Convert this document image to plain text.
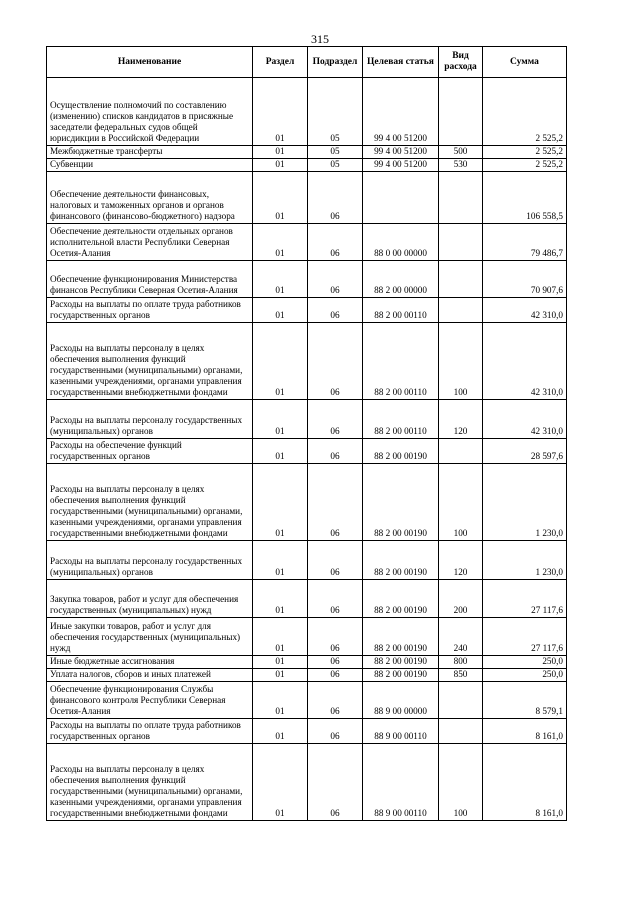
315
Наименование	Раздел	Подраздел	Целевая статья	Вид расхода	Сумма
Осуществление полномочий по составлению (изменению) списков кандидатов в присяжные заседатели федеральных судов общей юрисдикции в Российской Федерации	01	05	99 4 00 51200		2 525,2
Межбюджетные трансферты	01	05	99 4 00 51200	500	2 525,2
Субвенции	01	05	99 4 00 51200	530	2 525,2
Обеспечение деятельности финансовых, налоговых и таможенных органов и органов финансового (финансово-бюджетного) надзора	01	06			106 558,5
Обеспечение деятельности отдельных органов исполнительной власти Республики Северная Осетия-Алания	01	06	88 0 00 00000		79 486,7
Обеспечение функционирования Министерства финансов Республики Северная Осетия-Алания	01	06	88 2 00 00000		70 907,6
Расходы на выплаты по оплате труда работников государственных органов	01	06	88 2 00 00110		42 310,0
Расходы на выплаты персоналу в целях обеспечения выполнения функций государственными (муниципальными) органами, казенными учреждениями, органами управления государственными внебюджетными фондами	01	06	88 2 00 00110	100	42 310,0
Расходы на выплаты персоналу государственных (муниципальных) органов	01	06	88 2 00 00110	120	42 310,0
Расходы на обеспечение функций государственных органов	01	06	88 2 00 00190		28 597,6
Расходы на выплаты персоналу в целях обеспечения выполнения функций государственными (муниципальными) органами, казенными учреждениями, органами управления государственными внебюджетными фондами	01	06	88 2 00 00190	100	1 230,0
Расходы на выплаты персоналу государственных (муниципальных) органов	01	06	88 2 00 00190	120	1 230,0
Закупка товаров, работ и услуг для обеспечения государственных (муниципальных) нужд	01	06	88 2 00 00190	200	27 117,6
Иные закупки товаров, работ и услуг для обеспечения государственных (муниципальных) нужд	01	06	88 2 00 00190	240	27 117,6
Иные бюджетные ассигнования	01	06	88 2 00 00190	800	250,0
Уплата налогов, сборов и иных платежей	01	06	88 2 00 00190	850	250,0
Обеспечение функционирования Службы финансового контроля Республики Северная Осетия-Алания	01	06	88 9 00 00000		8 579,1
Расходы на выплаты по оплате труда работников государственных органов	01	06	88 9 00 00110		8 161,0
Расходы на выплаты персоналу в целях обеспечения выполнения функций государственными (муниципальными) органами, казенными учреждениями, органами управления государственными внебюджетными фондами	01	06	88 9 00 00110	100	8 161,0
